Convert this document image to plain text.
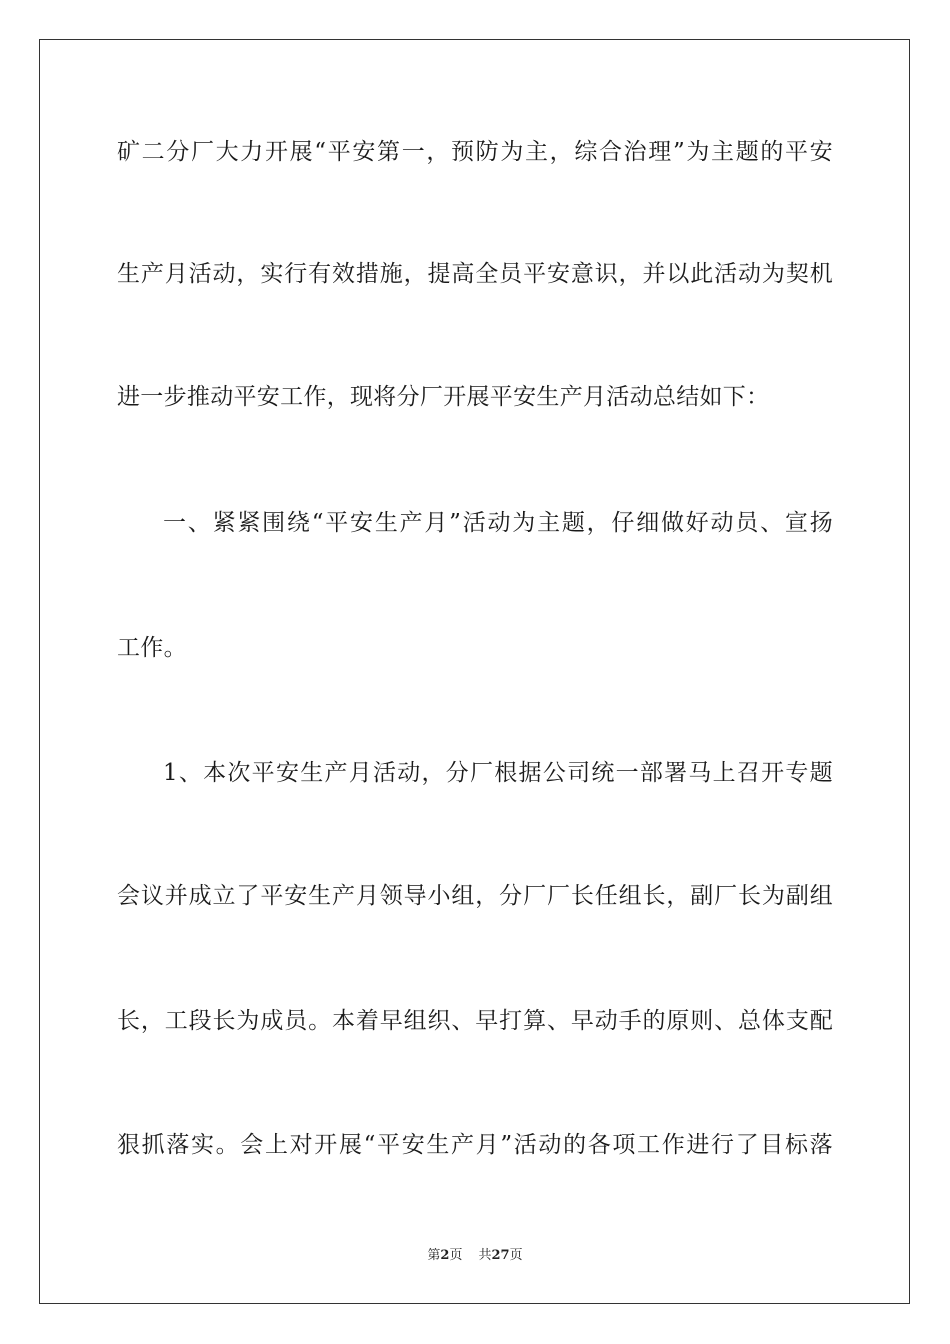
矿二分厂大力开展“平安第一，预防为主，综合治理”为主题的平安
生产月活动，实行有效措施，提高全员平安意识，并以此活动为契机
进一步推动平安工作，现将分厂开展平安生产月活动总结如下：
一、紧紧围绕“平安生产月”活动为主题，仔细做好动员、宣扬
工作。
1、本次平安生产月活动，分厂根据公司统一部署马上召开专题
会议并成立了平安生产月领导小组，分厂厂长任组长，副厂长为副组
长，工段长为成员。本着早组织、早打算、早动手的原则、总体支配
狠抓落实。会上对开展“平安生产月”活动的各项工作进行了目标落
第2页 共27页
